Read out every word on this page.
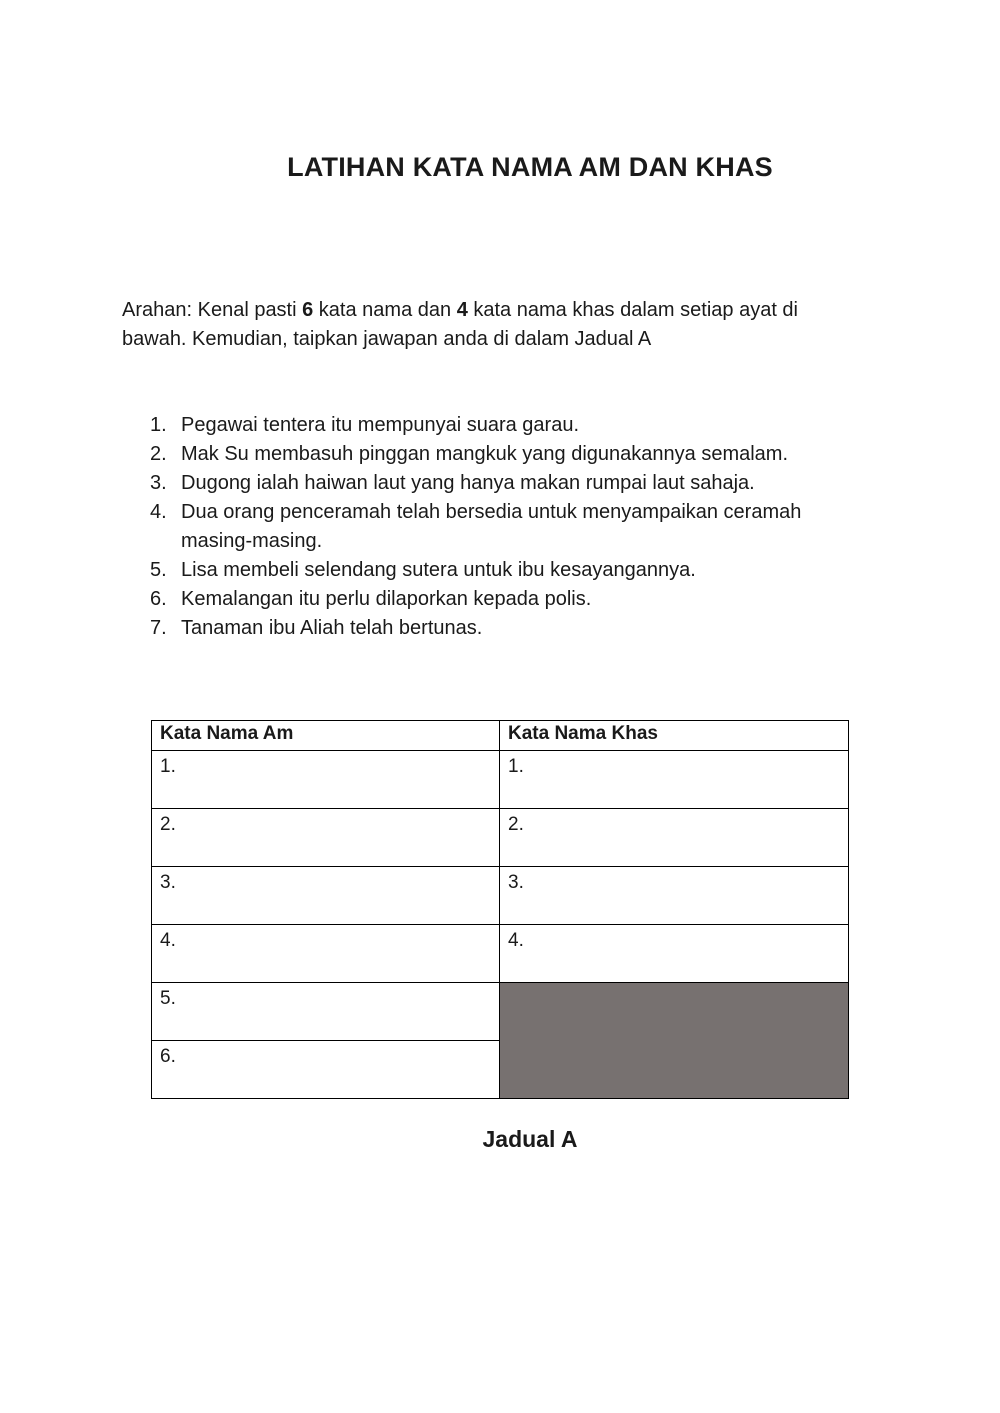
LATIHAN KATA NAMA AM DAN KHAS

Arahan: Kenal pasti 6 kata nama dan 4 kata nama khas dalam setiap ayat di bawah. Kemudian, taipkan jawapan anda di dalam Jadual A

1. Pegawai tentera itu mempunyai suara garau.
2. Mak Su membasuh pinggan mangkuk yang digunakannya semalam.
3. Dugong ialah haiwan laut yang hanya makan rumpai laut sahaja.
4. Dua orang penceramah telah bersedia untuk menyampaikan ceramah masing-masing.
5. Lisa membeli selendang sutera untuk ibu kesayangannya.
6. Kemalangan itu perlu dilaporkan kepada polis.
7. Tanaman ibu Aliah telah bertunas.
Kata Nama Am	Kata Nama Khas
1.	1.
2.	2.
3.	3.
4.	4.
5.	
6.	
Jadual A
